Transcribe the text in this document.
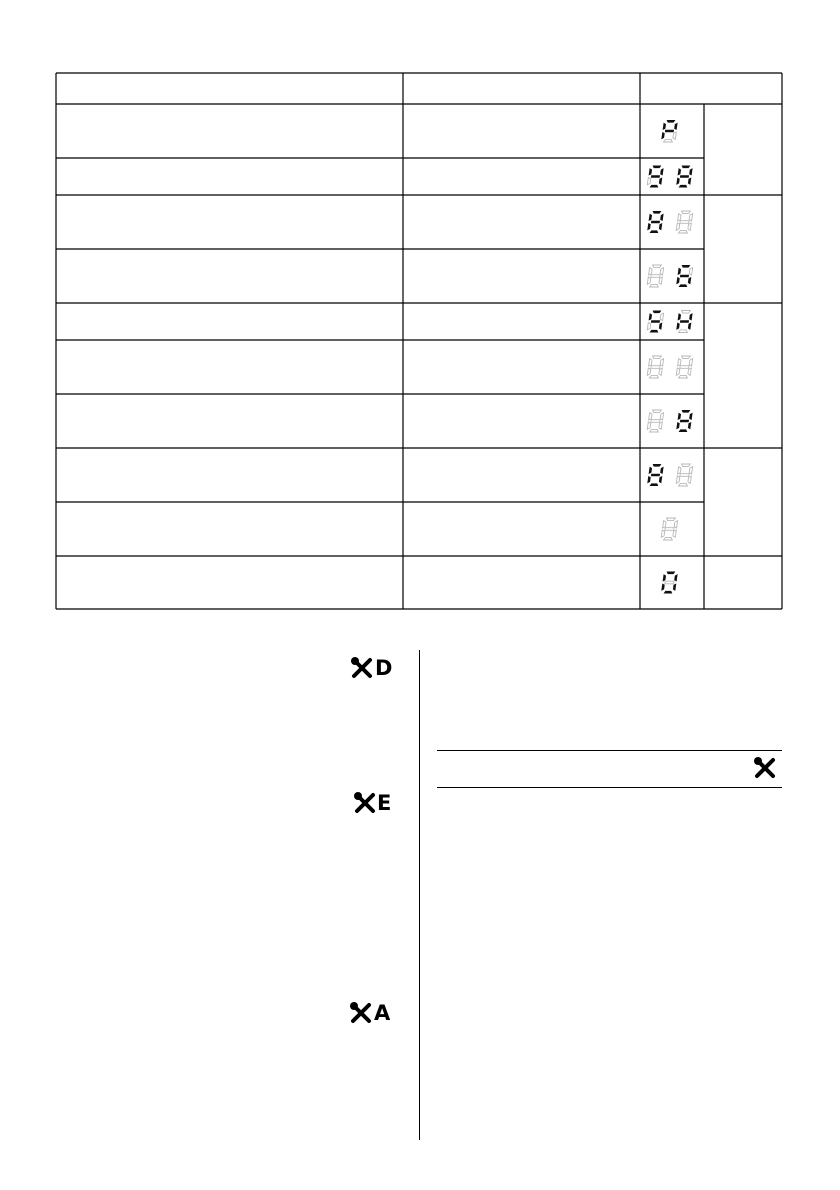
D
E
A
